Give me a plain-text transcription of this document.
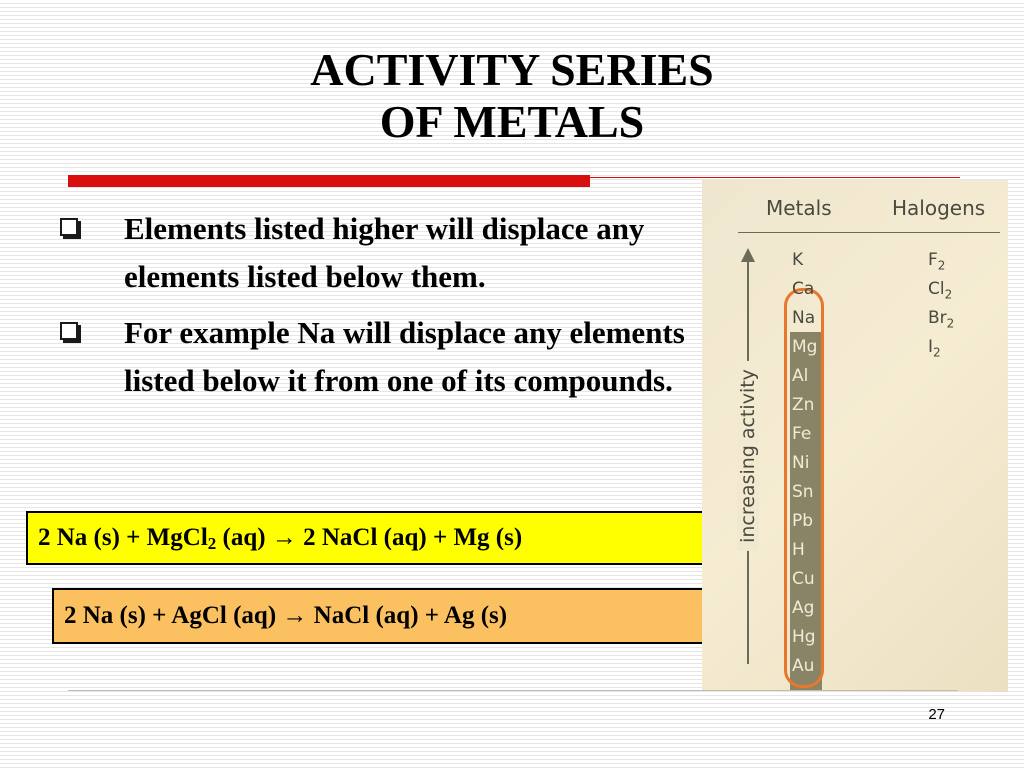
ACTIVITY SERIES
OF METALS
Elements listed higher will displace any elements listed below them.
For example Na will displace any elements listed below it from one of its compounds.
2 Na (s) + MgCl$_2$ (aq) → 2 NaCl (aq) + Mg (s)
2 Na (s) + AgCl (aq) → NaCl (aq) + Ag (s)
Metals	Halogens
increasing activity
K
Ca
Na
Mg
Al
Zn
Fe
Ni
Sn
Pb
H
Cu
Ag
Hg
Au
$F_2$
$Cl_2$
$Br_2$
$I_2$
27
